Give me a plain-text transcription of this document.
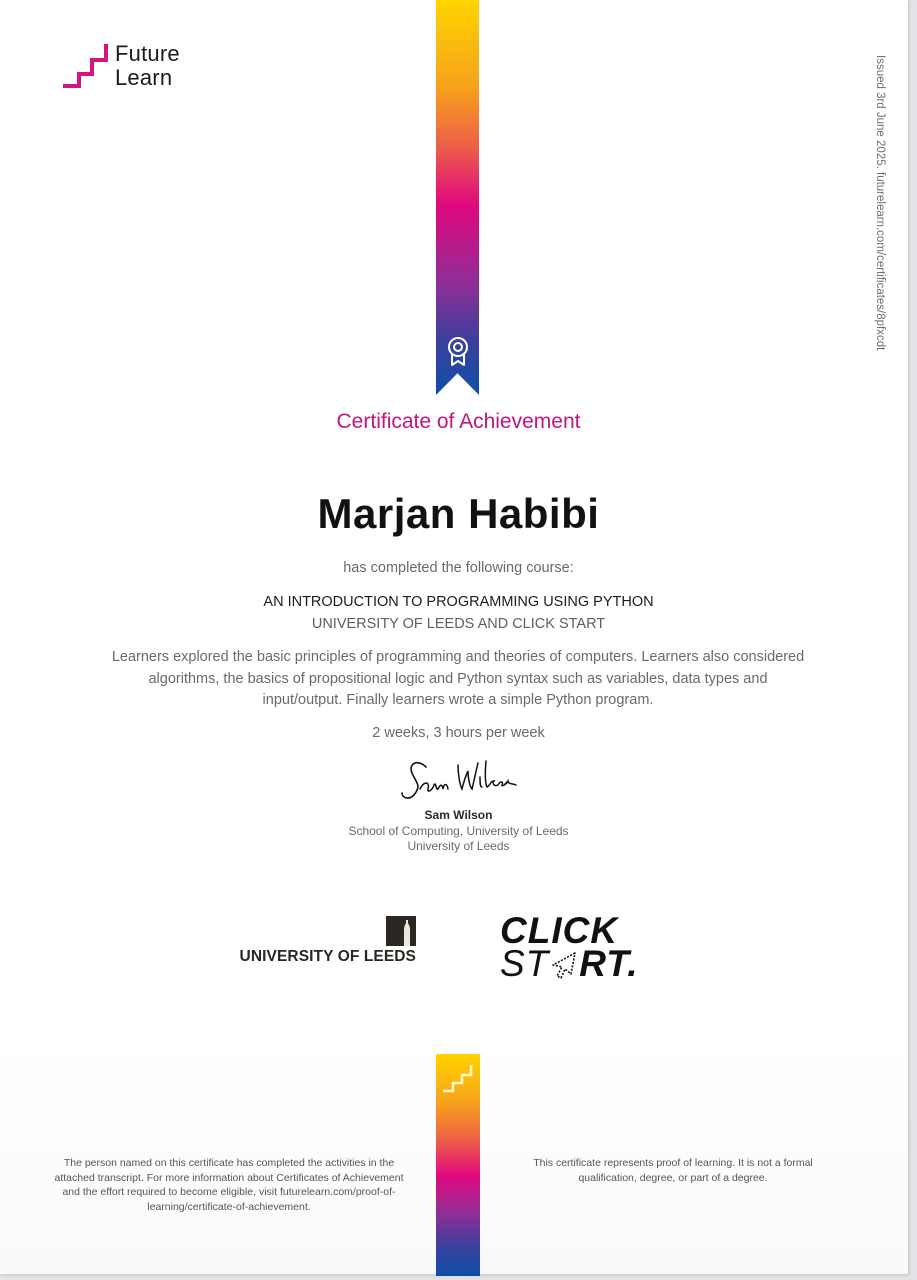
Future
Learn	Issued 3rd June 2025. futurelearn.com/certificates/8pfxcdt
Certificate of Achievement
Marjan Habibi
has completed the following course:
AN INTRODUCTION TO PROGRAMMING USING PYTHON
UNIVERSITY OF LEEDS AND CLICK START
Learners explored the basic principles of programming and theories of computers. Learners also considered algorithms, the basics of propositional logic and Python syntax such as variables, data types and input/output. Finally learners wrote a simple Python program.
2 weeks, 3 hours per week
Sam Wilson
School of Computing, University of Leeds
University of Leeds
UNIVERSITY OF LEEDS
CLICK
ST RT.
The person named on this certificate has completed the activities in the attached transcript. For more information about Certificates of Achievement and the effort required to become eligible, visit futurelearn.com/proof-of-learning/certificate-of-achievement.
This certificate represents proof of learning. It is not a formal qualification, degree, or part of a degree.
